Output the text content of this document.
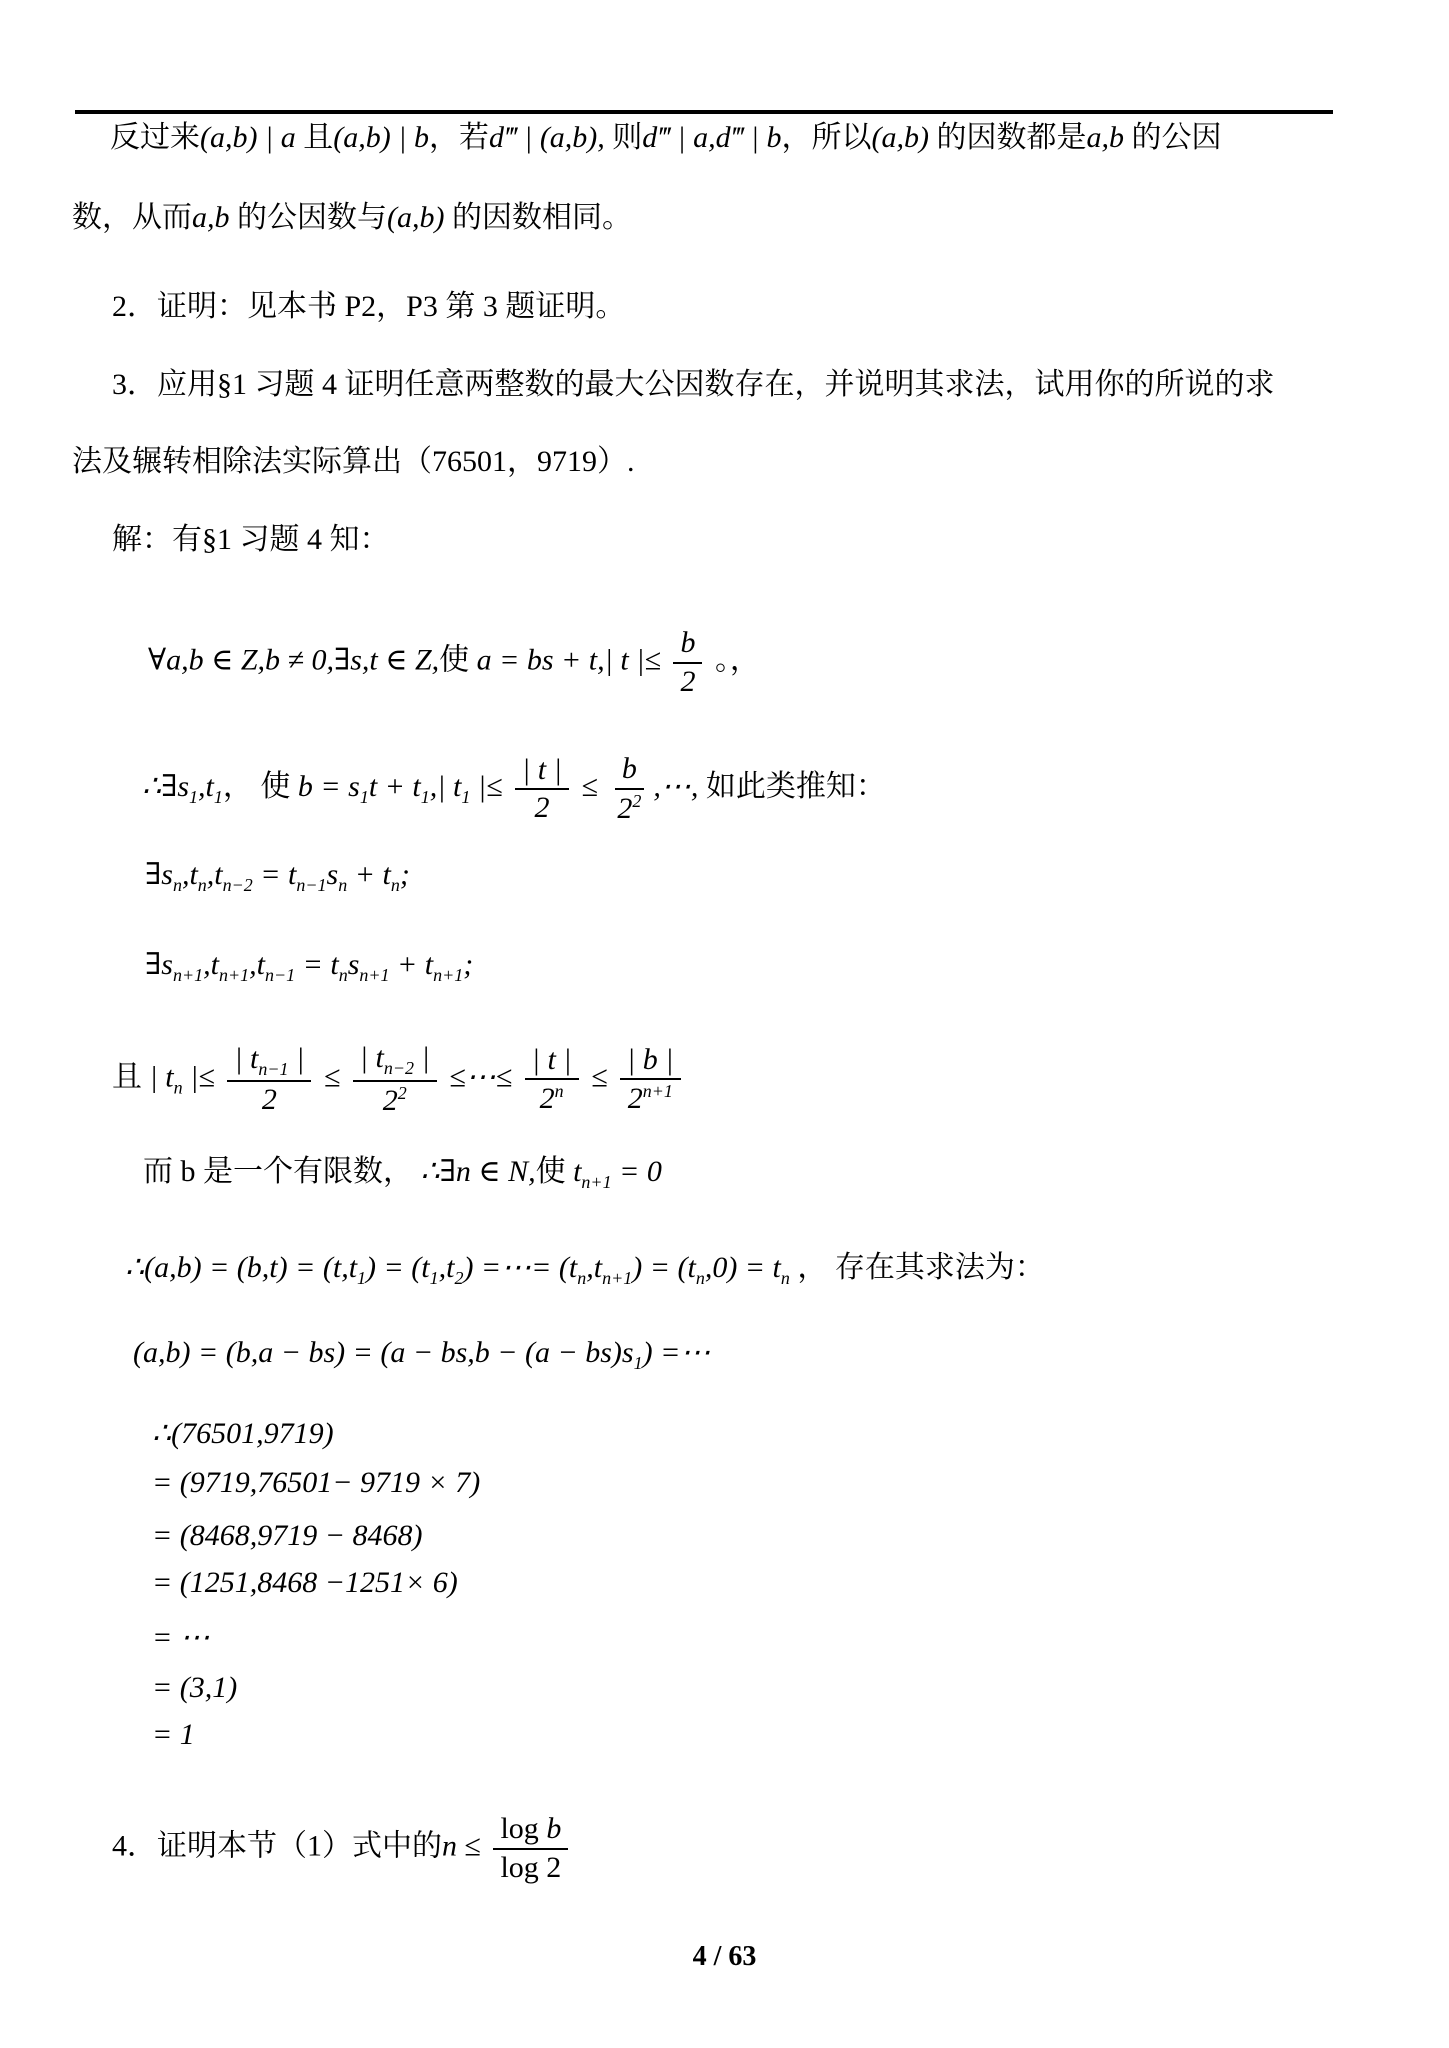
反过来(a,b) | a 且(a,b) | b，若d‴ | (a,b), 则d‴ | a,d‴ | b，所以(a,b) 的因数都是a,b 的公因
数，从而a,b 的公因数与(a,b) 的因数相同。
2．证明：见本书 P2，P3 第 3 题证明。
3．应用§1 习题 4 证明任意两整数的最大公因数存在，并说明其求法，试用你的所说的求
法及辗转相除法实际算出（76501，9719）.
解：有§1 习题 4 知：
∀a,b ∈ Z,b ≠ 0,∃s,t ∈ Z,使 a = bs + t,| t |≤ $\frac{b}{2}$ 。，
$\therefore\exists s_1,t_1$， 使 $b = s_1t + t_1,|$ $t_1$ |≤ $\frac{| t |}{2} \le \frac{b}{2^2}$ ,⋯, 如此类推知：
$\exists s_n,t_n,t_{n-2} = t_{n-1}s_n + t_n$;
$\exists s_{n+1},t_{n+1},t_{n-1} = t_ns_{n+1} + t_{n+1}$;
且 | $t_n$ |≤ $\frac{| t_{n-1} |}{2} \le \frac{| t_{n-2} |}{2^2}$ ≤⋯≤ $\frac{| t |}{2^n} \le \frac{| b |}{2^{n+1}}$
而 b 是一个有限数， ∴∃n ∈ N,使 $t_{n+1} = 0$
∴(a,b) = $(b,t) = (t,t_1) = (t_1,t_2)$ =⋯= $(t_n,t_{n+1}) = (t_n,0) = t_n$ ， 存在其求法为：
$(a,b) = (b,a - bs) = (a - bs,b - (a - bs)s_1)$ =⋯
∴(76501,9719)
= (9719,76501− 9719 × 7)
= (8468,9719 − 8468)
= (1251,8468 −1251× 6)
= ⋯
= (3,1)
= 1
4．证明本节（1）式中的$n \le \frac{\text{log b}}{\log 2}$
4 / 63
